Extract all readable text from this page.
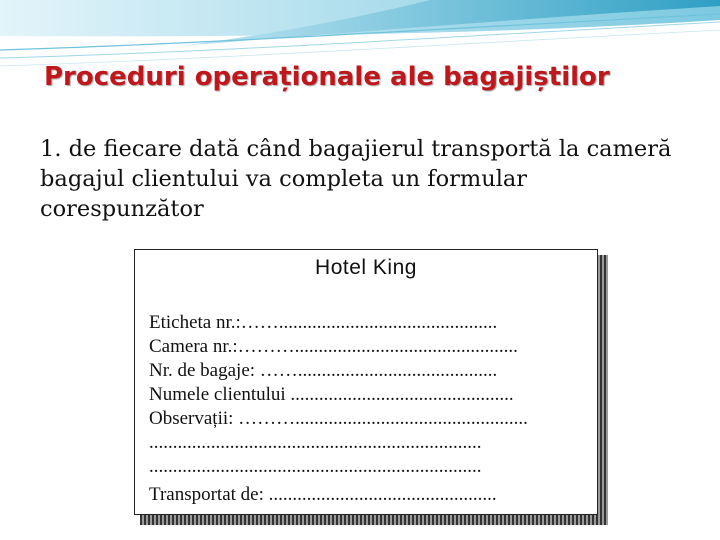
Proceduri operaționale ale bagajiștilor
1. de fiecare dată când bagajierul transportă la cameră bagajul clientului va completa un formular corespunzător
Hotel King
Eticheta nr.:……..............................................
Camera nr.:………...............................................
Nr. de bagaje: ……..........................................
Numele clientului ...............................................
Observații: ……….................................................
......................................................................
......................................................................
Transportat de: ................................................
